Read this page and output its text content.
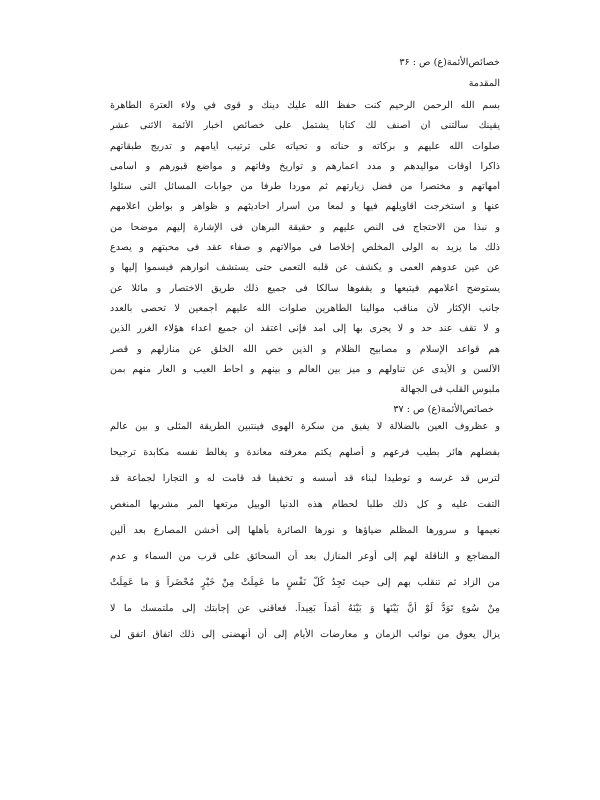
خصائص‌الأئمة(ع) ص : ٣۶

المقدمة

بسم الله الرحمن الرحيم كنت حفظ الله عليك دينك و قوى في ولاء العترة الطاهرة

يقينك سألتنى أن أصنف لك كتابا يشتمل على خصائص أخبار الأئمة الاثنى عشر

صلوات الله عليهم و بركاته و حناته و تحياته على ترتيب أيامهم و تدريج طبقاتهم

ذاكرا أوقات مواليدهم و مدد أعمارهم و تواريخ وفاتهم و مواضع قبورهم و أسامى

أمهاتهم و مختصرا من فضل زيارتهم ثم موردا طرفا من جوابات المسائل التى سئلوا

عنها و استخرجت أقاويلهم فيها و لمعا من أسرار أحاديثهم و ظواهر و بواطن أعلامهم

و نبذا من الاحتجاج فى النص عليهم و حقيقة البرهان فى الإشارة إليهم موضحا من

ذلك ما يزيد به الولى المخلص إخلاصا فى موالاتهم و صفاء عقد فى محبتهم و يصدع

عن عين عدوهم العمى و يكشف عن قلبه التعمى حتى يستشف أنوارهم فيسموا إليها و

يستوضح أعلامهم فيتبعها و يقفوها سالكا فى جميع ذلك طريق الاختصار و مائلا عن

جانب الإكثار لأن مناقب موالينا الطاهرين صلوات الله عليهم أجمعين لا تحصى بالعدد

و لا تقف عند حد و لا يجرى بها إلى أمد فإنى أعتقد أن جميع أعداء هؤلاء الغرر الذين

هم قواعد الإسلام و مصابيح الظلام و الذين خص الله الخلق عن منازلهم و قصر

الألسن و الأيدى عن تناولهم و ميز بين العالم و بينهم و أحاط العيب و العار منهم بمن

ملبوس القلب فى الجهالة

خصائص‌الأئمة(ع) ص : ٣٧

و عظروف العين بالضلالة لا يفيق من سكرة الهوى فينتبين الطريقة المثلى و بين عالم

بفضلهم هائر بطيب فرعهم و أصلهم يكتم معرفته معاندة و يغالط نفسه مكابدة ترجيحا

لترس قد غرسه و توطيدا لبناء قد أسسه و تخفيفا قد قامت له و التجارا لجماعة قد

التفت عليه و كل ذلك طلبا لحطام هذه الدنيا الوبيل مرتعها المر مشربها المنغص

نعيمها و سرورها المظلم ضياؤها و نورها الصائرة بأهلها إلى أخشن المصارع بعد ألين

المضاجع و الناقلة لهم إلى أوعر المنازل بعد أن السحائق على قرب من السماء و عدم

من الزاد ثم تنقلب بهم إلى حيث تَجِدُ كُلُّ نَفْسٍ ما عَمِلَتْ مِنْ خَيْرٍ مُحْضَراً وَ ما عَمِلَتْ

مِنْ سُوءٍ تَوَدُّ لَوْ أَنَّ بَيْنَها وَ بَيْنَهُ أَمَداً بَعِيداً. فعاقنى عن إجابتك إلى ملتمسك ما لا

يزال يعوق من نوائب الزمان و معارضات الأيام إلى أن أنهضنى إلى ذلك اتفاق اتفق لى
